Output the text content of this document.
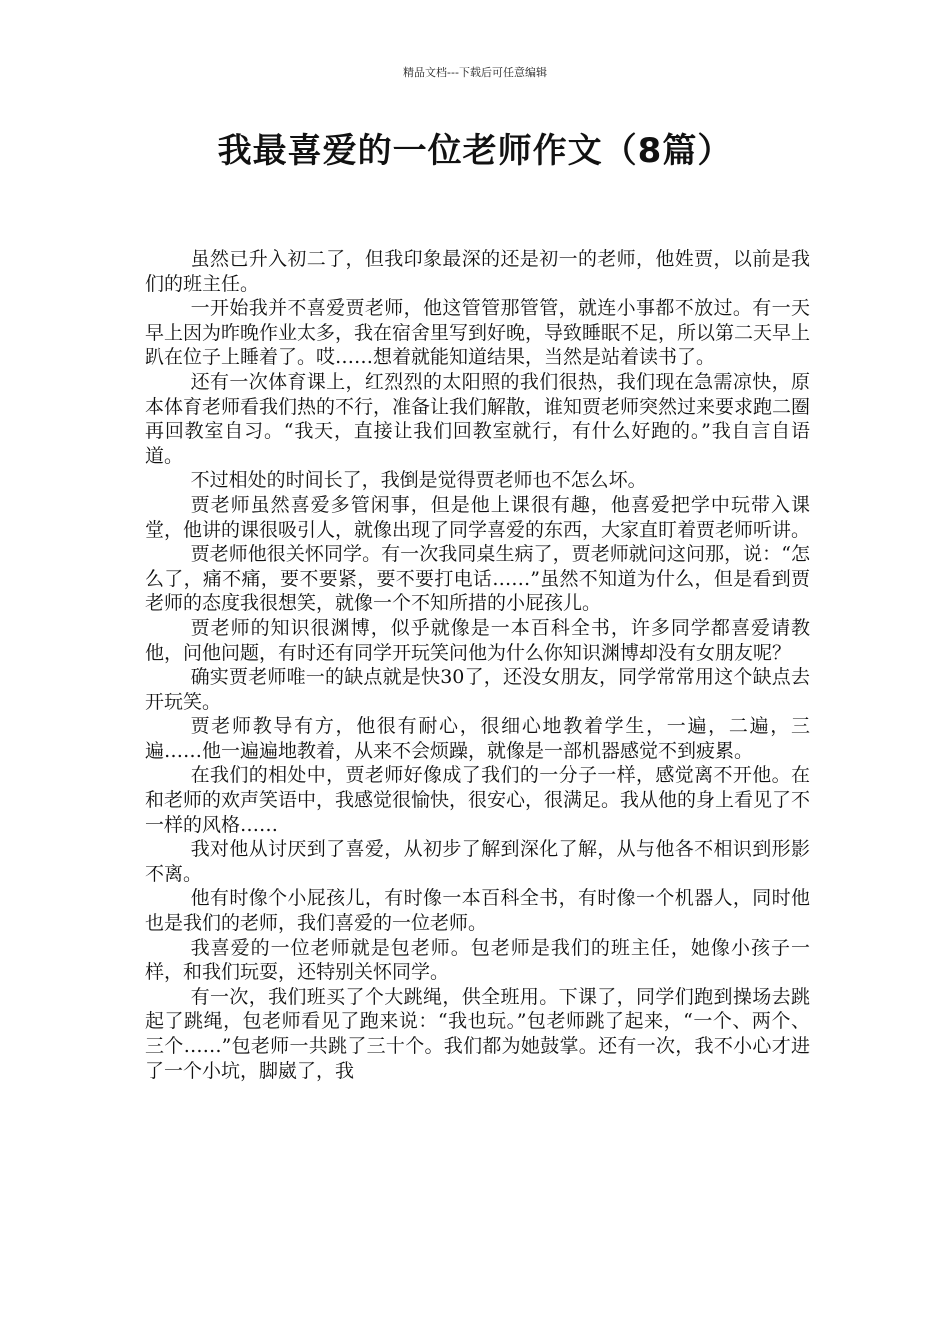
精品文档---下载后可任意编辑
我最喜爱的一位老师作文（8篇）

虽然已升入初二了，但我印象最深的还是初一的老师，他姓贾，以前是我们的班主任。

一开始我并不喜爱贾老师，他这管管那管管，就连小事都不放过。有一天早上因为昨晚作业太多，我在宿舍里写到好晚，导致睡眠不足，所以第二天早上趴在位子上睡着了。哎……想着就能知道结果，当然是站着读书了。

还有一次体育课上，红烈烈的太阳照的我们很热，我们现在急需凉快，原本体育老师看我们热的不行，准备让我们解散，谁知贾老师突然过来要求跑二圈再回教室自习。“我天，直接让我们回教室就行，有什么好跑的。”我自言自语道。

不过相处的时间长了，我倒是觉得贾老师也不怎么坏。

贾老师虽然喜爱多管闲事，但是他上课很有趣，他喜爱把学中玩带入课堂，他讲的课很吸引人，就像出现了同学喜爱的东西，大家直盯着贾老师听讲。

贾老师他很关怀同学。有一次我同桌生病了，贾老师就问这问那，说：“怎么了，痛不痛，要不要紧，要不要打电话……”虽然不知道为什么，但是看到贾老师的态度我很想笑，就像一个不知所措的小屁孩儿。

贾老师的知识很渊博，似乎就像是一本百科全书，许多同学都喜爱请教他，问他问题，有时还有同学开玩笑问他为什么你知识渊博却没有女朋友呢？

确实贾老师唯一的缺点就是快30了，还没女朋友，同学常常用这个缺点去开玩笑。

贾老师教导有方，他很有耐心，很细心地教着学生，一遍，二遍，三遍……他一遍遍地教着，从来不会烦躁，就像是一部机器感觉不到疲累。

在我们的相处中，贾老师好像成了我们的一分子一样，感觉离不开他。在和老师的欢声笑语中，我感觉很愉快，很安心，很满足。我从他的身上看见了不一样的风格……

我对他从讨厌到了喜爱，从初步了解到深化了解，从与他各不相识到形影不离。

他有时像个小屁孩儿，有时像一本百科全书，有时像一个机器人，同时他也是我们的老师，我们喜爱的一位老师。

我喜爱的一位老师就是包老师。包老师是我们的班主任，她像小孩子一样，和我们玩耍，还特别关怀同学。

有一次，我们班买了个大跳绳，供全班用。下课了，同学们跑到操场去跳起了跳绳，包老师看见了跑来说：“我也玩。”包老师跳了起来，“一个、两个、三个……”包老师一共跳了三十个。我们都为她鼓掌。还有一次，我不小心才进了一个小坑，脚崴了，我
